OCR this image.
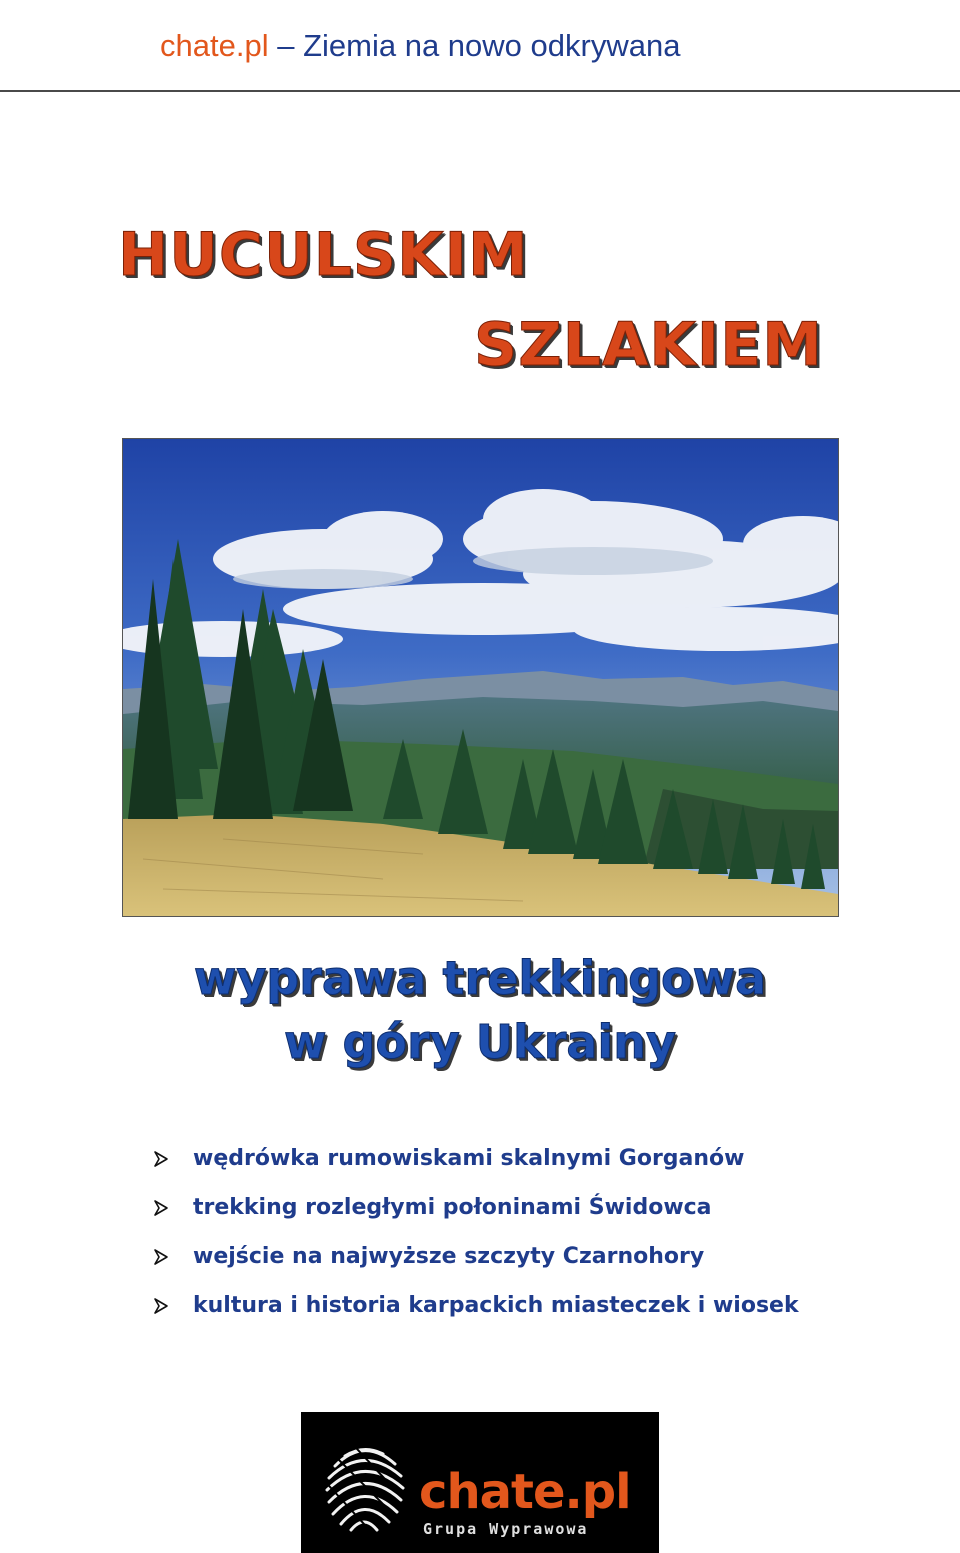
chate.pl – Ziemia na nowo odkrywana
HUCULSKIM
SZLAKIEM
wyprawa trekkingowa
w góry Ukrainy
wędrówka rumowiskami skalnymi Gorganów
trekking rozległymi połoninami Świdowca
wejście na najwyższe szczyty Czarnohory
kultura i historia karpackich miasteczek i wiosek
chate.pl
Grupa Wyprawowa
